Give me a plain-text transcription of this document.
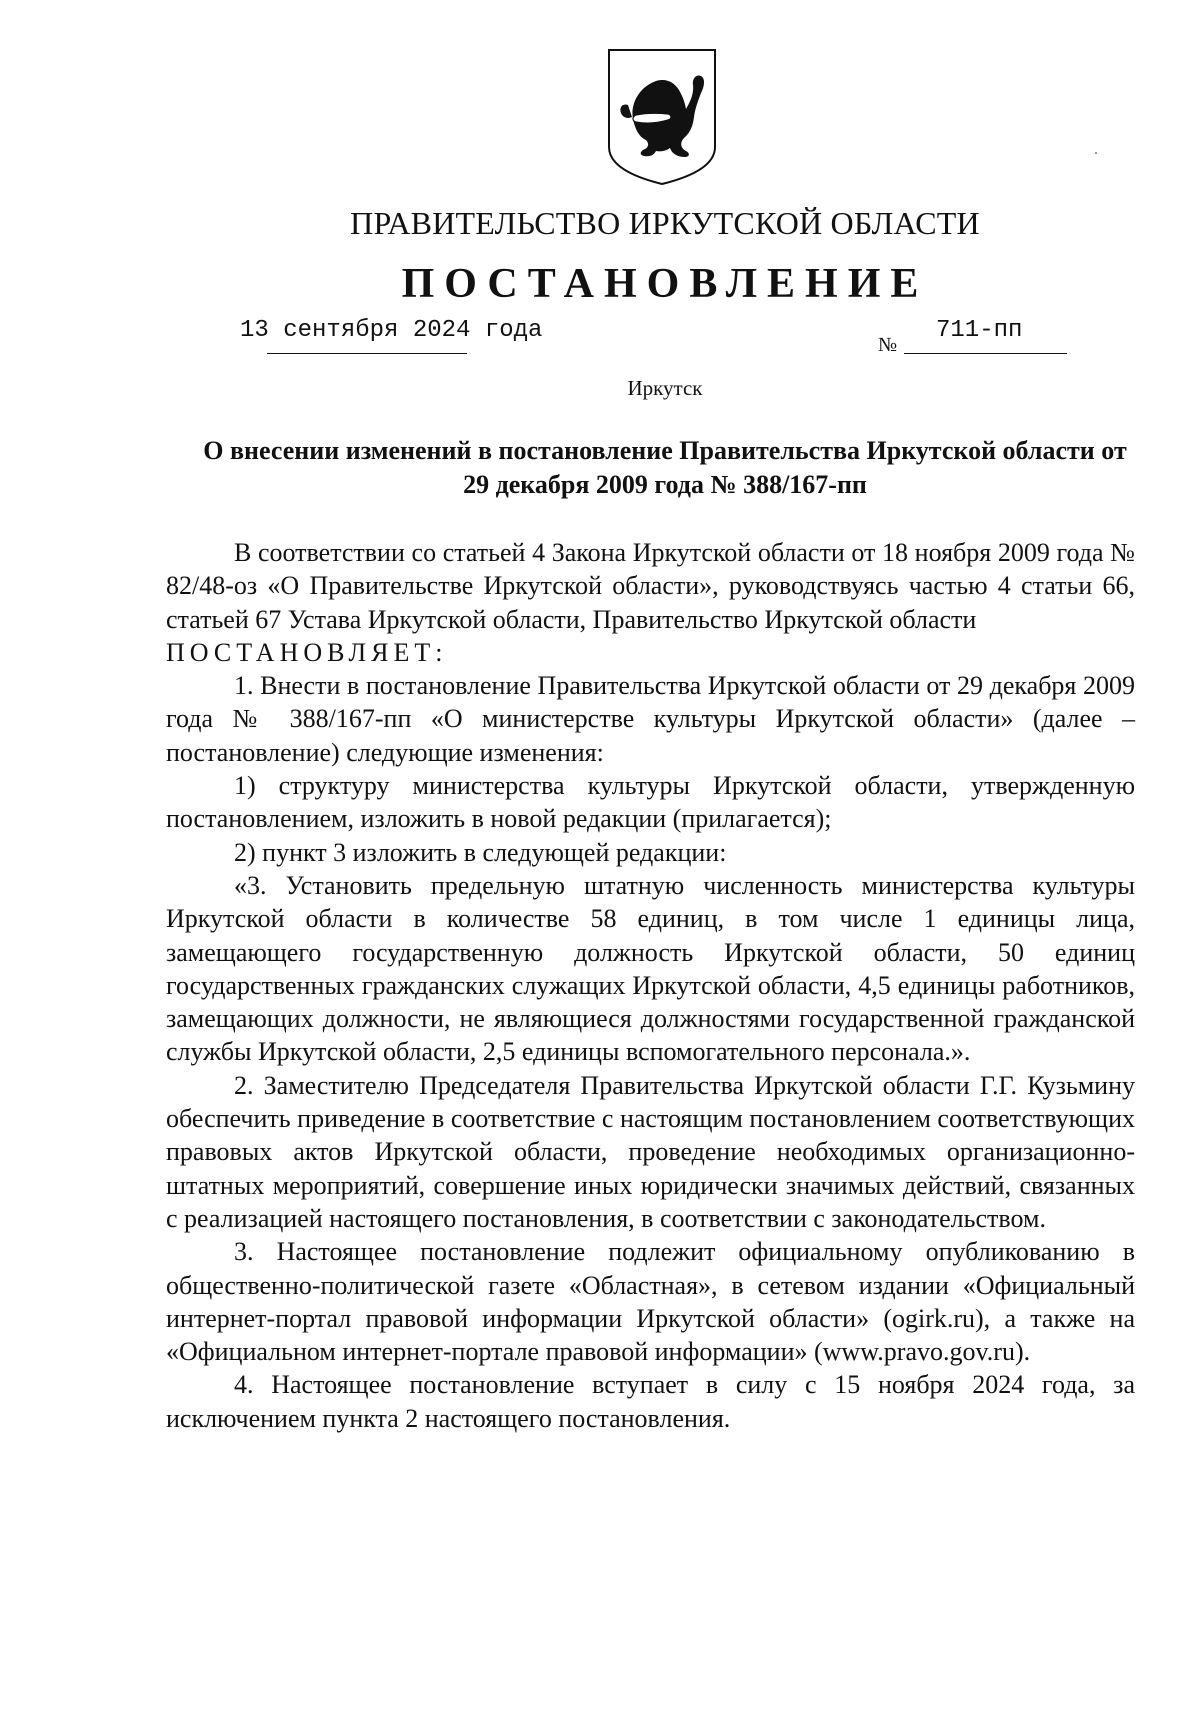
ПРАВИТЕЛЬСТВО ИРКУТСКОЙ ОБЛАСТИ
ПОСТАНОВЛЕНИЕ
13 сентября 2024 года
№
711-пп
Иркутск
О внесении изменений в постановление Правительства Иркутской области от 29 декабря 2009 года № 388/167-пп

В соответствии со статьей 4 Закона Иркутской области от 18 ноября 2009 года № 82/48-оз «О Правительстве Иркутской области», руководствуясь частью 4 статьи 66, статьей 67 Устава Иркутской области, Правительство Иркутской области

ПОСТАНОВЛЯЕТ:

1. Внести в постановление Правительства Иркутской области от 29 декабря 2009 года № 388/167-пп «О министерстве культуры Иркутской области» (далее – постановление) следующие изменения:

1) структуру министерства культуры Иркутской области, утвержденную постановлением, изложить в новой редакции (прилагается);

2) пункт 3 изложить в следующей редакции:

«3. Установить предельную штатную численность министерства культуры Иркутской области в количестве 58 единиц, в том числе 1 единицы лица, замещающего государственную должность Иркутской области, 50 единиц государственных гражданских служащих Иркутской области, 4,5 единицы работников, замещающих должности, не являющиеся должностями государственной гражданской службы Иркутской области, 2,5 единицы вспомогательного персонала.».

2. Заместителю Председателя Правительства Иркутской области Г.Г. Кузьмину обеспечить приведение в соответствие с настоящим постановлением соответствующих правовых актов Иркутской области, проведение необходимых организационно-штатных мероприятий, совершение иных юридически значимых действий, связанных с реализацией настоящего постановления, в соответствии с законодательством.

3. Настоящее постановление подлежит официальному опубликованию в общественно-политической газете «Областная», в сетевом издании «Официальный интернет-портал правовой информации Иркутской области» (ogirk.ru), а также на «Официальном интернет-портале правовой информации» (www.pravo.gov.ru).

4. Настоящее постановление вступает в силу с 15 ноября 2024 года, за исключением пункта 2 настоящего постановления.
